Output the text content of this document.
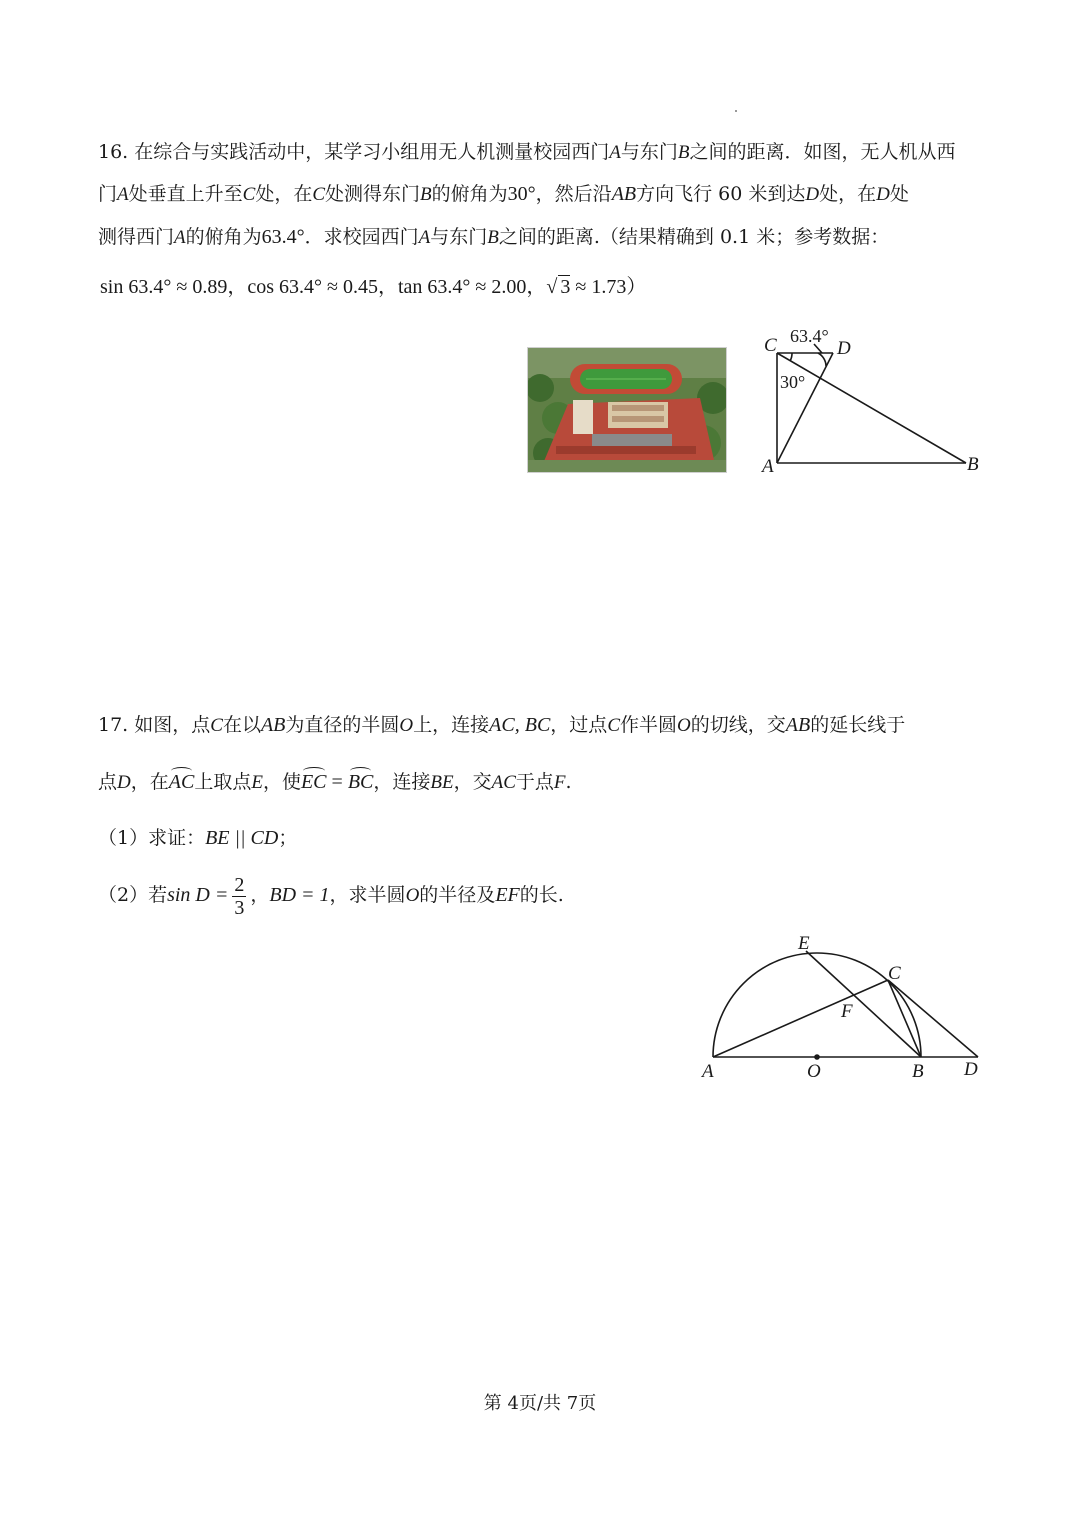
16. 在综合与实践活动中，某学习小组用无人机测量校园西门A与东门B之间的距离．如图，无人机从西
门A处垂直上升至C处，在C处测得东门B的俯角为30°，然后沿AB方向飞行 60 米到达D处，在D处
测得西门A的俯角为63.4°．求校园西门A与东门B之间的距离.（结果精确到 0.1 米；参考数据：
sin 63.4° ≈ 0.89，cos 63.4° ≈ 0.45，tan 63.4° ≈ 2.00，√ 3 ≈ 1.73）
C	D
A	B
63.4°
30°
17. 如图，点C在以AB为直径的半圆O上，连接AC, BC，过点C作半圆O的切线，交AB的延长线于
点D，在AC上取点E，使EC = BC，连接BE，交AC于点F.
（1）求证：BE || CD；
（2）若$\sin D = \frac{2}{3}$ ，BD = 1，求半圆O的半径及EF的长.
E
C
F
A	O	B D
第 4页/共 7页
